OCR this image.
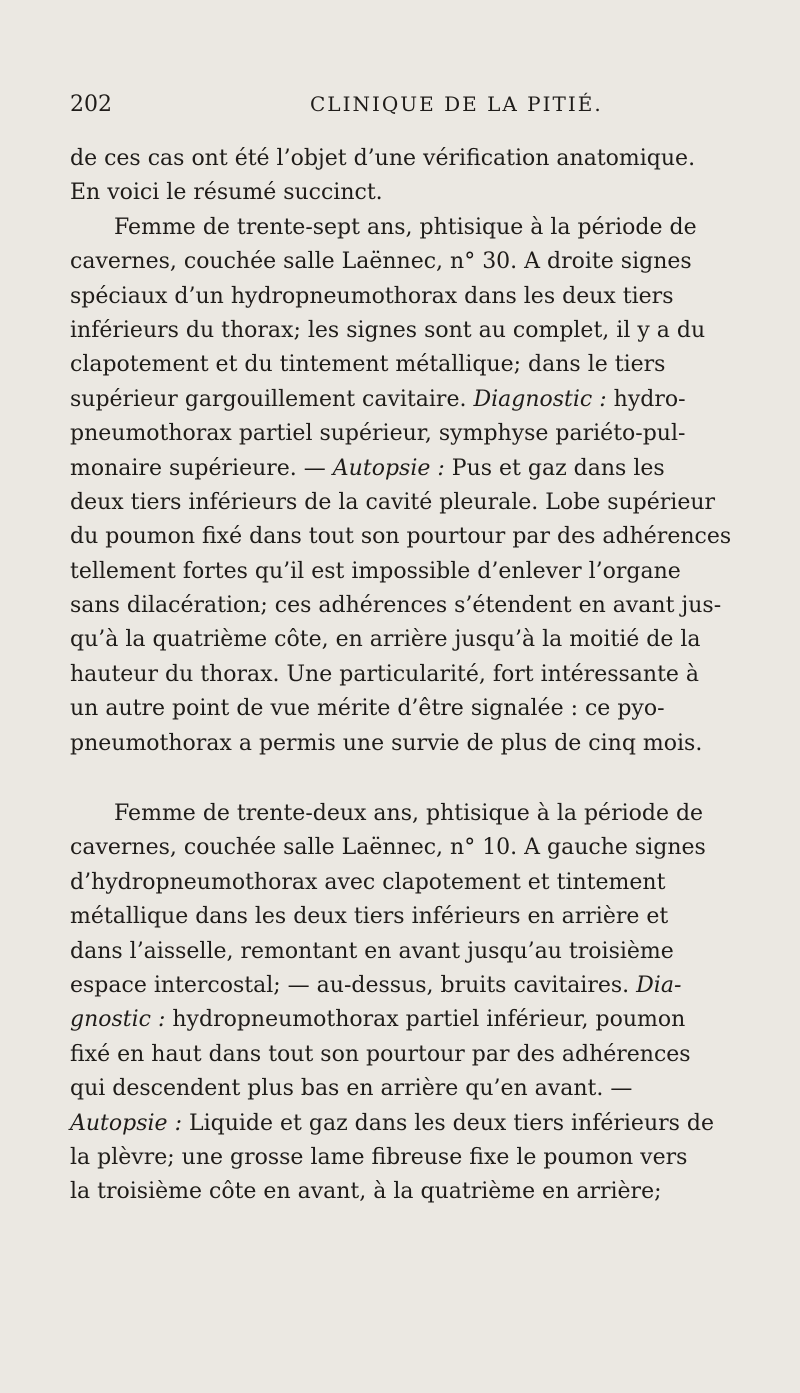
202	CLINIQUE DE LA PITIÉ.
de ces cas ont été l’objet d’une vérification anatomique.
En voici le résumé succinct.
Femme de trente-sept ans, phtisique à la période de
cavernes, couchée salle Laënnec, n° 30. A droite signes
spéciaux d’un hydropneumothorax dans les deux tiers
inférieurs du thorax; les signes sont au complet, il y a du
clapotement et du tintement métallique; dans le tiers
supérieur gargouillement cavitaire. Diagnostic : hydro-
pneumothorax partiel supérieur, symphyse pariéto-pul-
monaire supérieure. — Autopsie : Pus et gaz dans les
deux tiers inférieurs de la cavité pleurale. Lobe supérieur
du poumon fixé dans tout son pourtour par des adhérences
tellement fortes qu’il est impossible d’enlever l’organe
sans dilacération; ces adhérences s’étendent en avant jus-
qu’à la quatrième côte, en arrière jusqu’à la moitié de la
hauteur du thorax. Une particularité, fort intéressante à
un autre point de vue mérite d’être signalée : ce pyo-
pneumothorax a permis une survie de plus de cinq mois.
Femme de trente-deux ans, phtisique à la période de
cavernes, couchée salle Laënnec, n° 10. A gauche signes
d’hydropneumothorax avec clapotement et tintement
métallique dans les deux tiers inférieurs en arrière et
dans l’aisselle, remontant en avant jusqu’au troisième
espace intercostal; — au-dessus, bruits cavitaires. Dia-
gnostic : hydropneumothorax partiel inférieur, poumon
fixé en haut dans tout son pourtour par des adhérences
qui descendent plus bas en arrière qu’en avant. —
Autopsie : Liquide et gaz dans les deux tiers inférieurs de
la plèvre; une grosse lame fibreuse fixe le poumon vers
la troisième côte en avant, à la quatrième en arrière;
